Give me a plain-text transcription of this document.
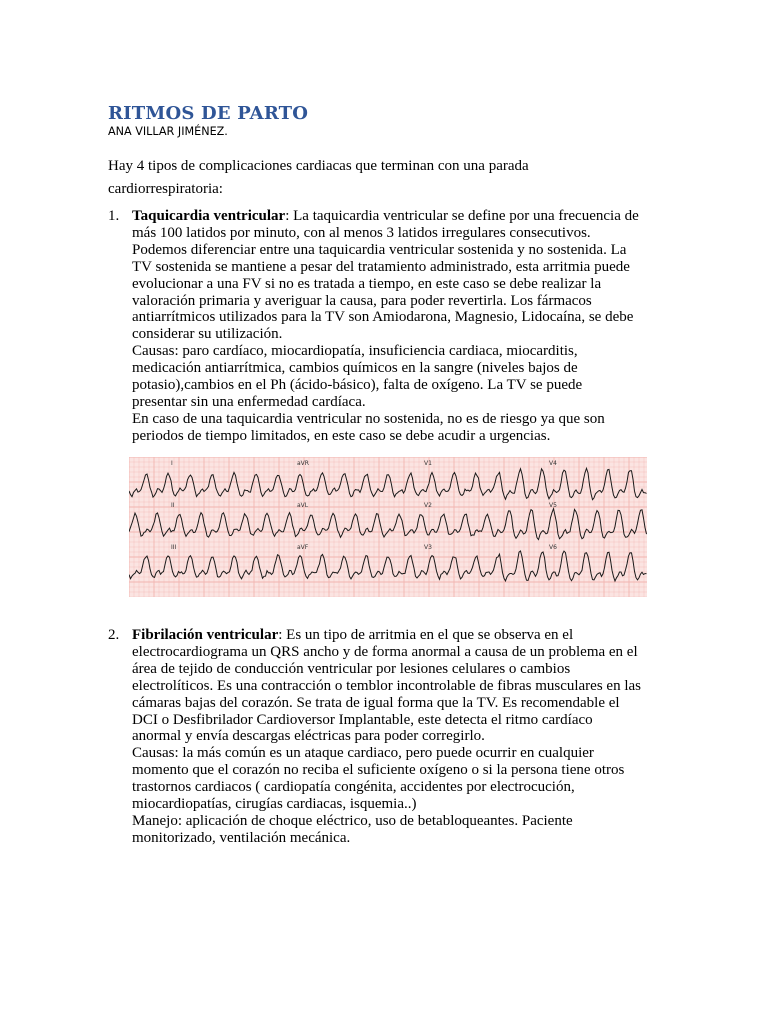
RITMOS DE PARTO

ANA VILLAR JIMÉNEZ.

Hay 4 tipos de complicaciones cardiacas que terminan con una parada
cardiorrespiratoria:

1. Taquicardia ventricular: La taquicardia ventricular se define por una frecuencia de
más 100 latidos por minuto, con al menos 3 latidos irregulares consecutivos.
Podemos diferenciar entre una taquicardia ventricular sostenida y no sostenida. La
TV sostenida se mantiene a pesar del tratamiento administrado, esta arritmia puede
evolucionar a una FV si no es tratada a tiempo, en este caso se debe realizar la
valoración primaria y averiguar la causa, para poder revertirla. Los fármacos
antiarrítmicos utilizados para la TV son Amiodarona, Magnesio, Lidocaína, se debe
considerar su utilización.
Causas: paro cardíaco, miocardiopatía, insuficiencia cardiaca, miocarditis,
medicación antiarrítmica, cambios químicos en la sangre (niveles bajos de
potasio),cambios en el Ph (ácido-básico), falta de oxígeno. La TV se puede
presentar sin una enfermedad cardíaca.
En caso de una taquicardia ventricular no sostenida, no es de riesgo ya que son
periodos de tiempo limitados, en este caso se debe acudir a urgencias.
I	aVR	V1	V4
II	aVL	V2	V5
III	aVF	V3	V6
2. Fibrilación ventricular: Es un tipo de arritmia en el que se observa en el
electrocardiograma un QRS ancho y de forma anormal a causa de un problema en el
área de tejido de conducción ventricular por lesiones celulares o cambios
electrolíticos. Es una contracción o temblor incontrolable de fibras musculares en las
cámaras bajas del corazón. Se trata de igual forma que la TV. Es recomendable el
DCI o Desfibrilador Cardioversor Implantable, este detecta el ritmo cardíaco
anormal y envía descargas eléctricas para poder corregirlo.
Causas: la más común es un ataque cardiaco, pero puede ocurrir en cualquier
momento que el corazón no reciba el suficiente oxígeno o si la persona tiene otros
trastornos cardiacos ( cardiopatía congénita, accidentes por electrocución,
miocardiopatías, cirugías cardiacas, isquemia..)
Manejo: aplicación de choque eléctrico, uso de betabloqueantes. Paciente
monitorizado, ventilación mecánica.
